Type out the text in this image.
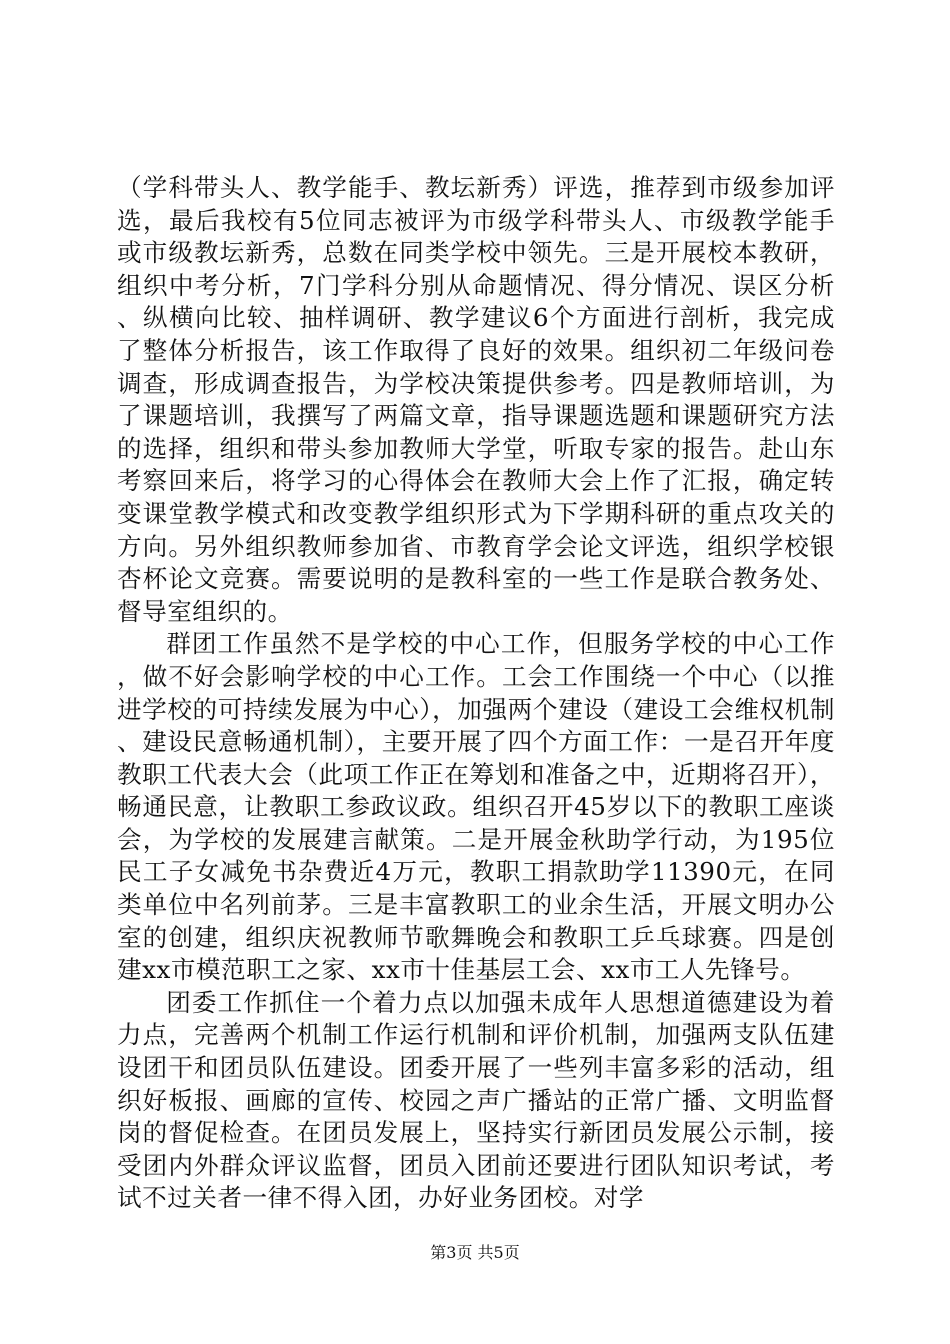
（学科带头人、教学能手、教坛新秀）评选，推荐到市级参加评选，最后我校有5位同志被评为市级学科带头人、市级教学能手或市级教坛新秀，总数在同类学校中领先。三是开展校本教研，组织中考分析，7门学科分别从命题情况、得分情况、误区分析、纵横向比较、抽样调研、教学建议6个方面进行剖析，我完成了整体分析报告，该工作取得了良好的效果。组织初二年级问卷调查，形成调查报告，为学校决策提供参考。四是教师培训，为了课题培训，我撰写了两篇文章，指导课题选题和课题研究方法的选择，组织和带头参加教师大学堂，听取专家的报告。赴山东考察回来后，将学习的心得体会在教师大会上作了汇报，确定转变课堂教学模式和改变教学组织形式为下学期科研的重点攻关的方向。另外组织教师参加省、市教育学会论文评选，组织学校银杏杯论文竞赛。需要说明的是教科室的一些工作是联合教务处、督导室组织的。

群团工作虽然不是学校的中心工作，但服务学校的中心工作，做不好会影响学校的中心工作。工会工作围绕一个中心（以推进学校的可持续发展为中心），加强两个建设（建设工会维权机制、建设民意畅通机制），主要开展了四个方面工作：一是召开年度教职工代表大会（此项工作正在筹划和准备之中，近期将召开），畅通民意，让教职工参政议政。组织召开45岁以下的教职工座谈会，为学校的发展建言献策。二是开展金秋助学行动，为195位民工子女减免书杂费近4万元，教职工捐款助学11390元，在同类单位中名列前茅。三是丰富教职工的业余生活，开展文明办公室的创建，组织庆祝教师节歌舞晚会和教职工乒乓球赛。四是创建xx市模范职工之家、xx市十佳基层工会、xx市工人先锋号。

团委工作抓住一个着力点以加强未成年人思想道德建设为着力点，完善两个机制工作运行机制和评价机制，加强两支队伍建设团干和团员队伍建设。团委开展了一些列丰富多彩的活动，组织好板报、画廊的宣传、校园之声广播站的正常广播、文明监督岗的督促检查。在团员发展上，坚持实行新团员发展公示制，接受团内外群众评议监督，团员入团前还要进行团队知识考试，考试不过关者一律不得入团，办好业务团校。对学

第3页 共5页
